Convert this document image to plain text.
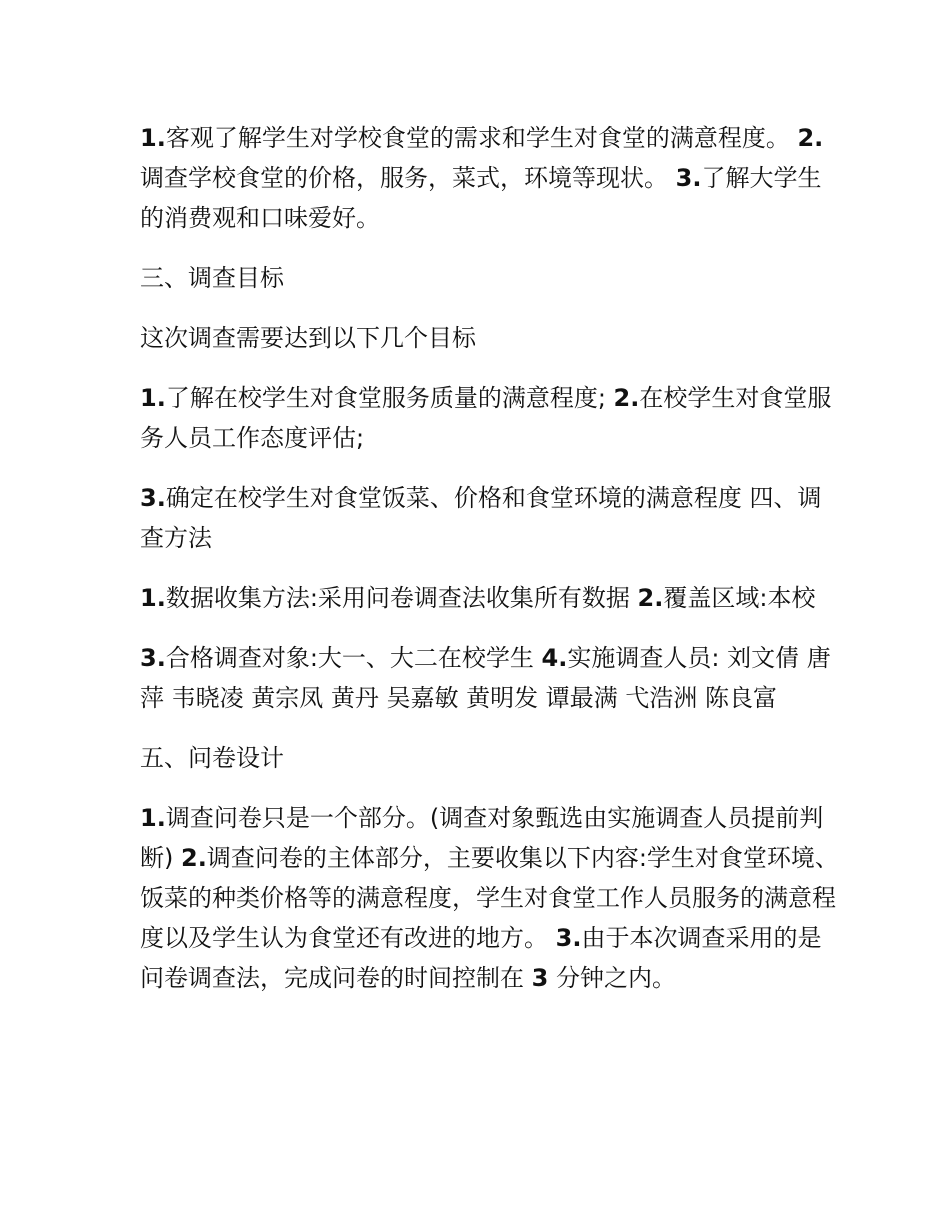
1.客观了解学生对学校食堂的需求和学生对食堂的满意程度。 2.调查学校食堂的价格，服务，菜式，环境等现状。 3.了解大学生的消费观和口味爱好。

三、调查目标

这次调查需要达到以下几个目标

1.了解在校学生对食堂服务质量的满意程度; 2.在校学生对食堂服务人员工作态度评估;

3.确定在校学生对食堂饭菜、价格和食堂环境的满意程度 四、调查方法

1.数据收集方法:采用问卷调查法收集所有数据 2.覆盖区域:本校

3.合格调查对象:大一、大二在校学生 4.实施调查人员: 刘文倩 唐萍 韦晓凌 黄宗凤 黄丹 吴嘉敏 黄明发 谭最满 弋浩洲 陈良富

五、问卷设计

1.调查问卷只是一个部分。(调查对象甄选由实施调查人员提前判断) 2.调查问卷的主体部分，主要收集以下内容:学生对食堂环境、饭菜的种类价格等的满意程度，学生对食堂工作人员服务的满意程度以及学生认为食堂还有改进的地方。 3.由于本次调查采用的是问卷调查法，完成问卷的时间控制在 3 分钟之内。
